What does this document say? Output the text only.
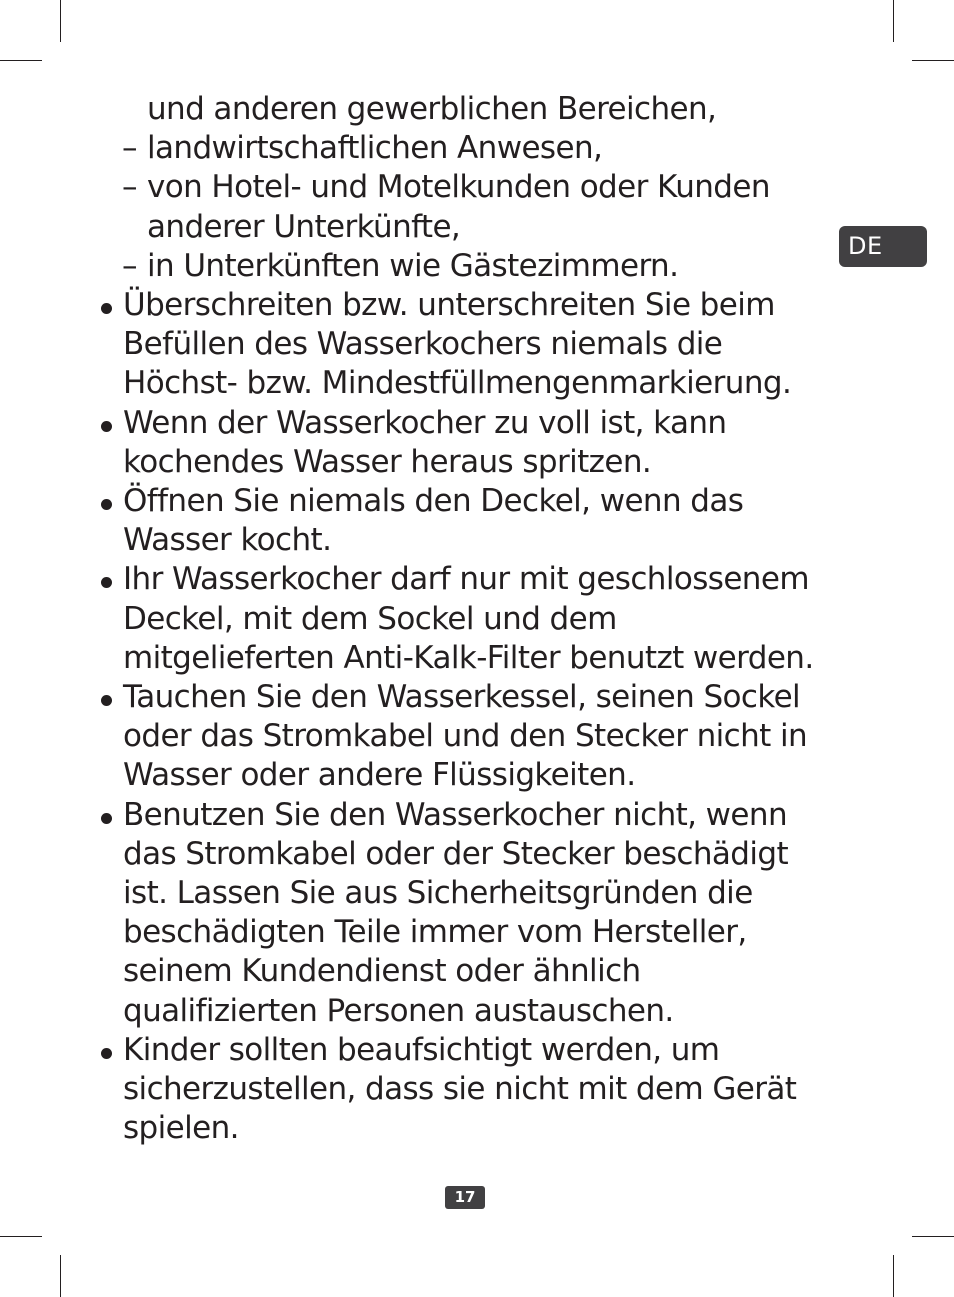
DE
und anderen gewerblichen Bereichen,
– landwirtschaftlichen Anwesen,
– von Hotel- und Motelkunden oder Kunden
anderer Unterkünfte,
– in Unterkünften wie Gästezimmern.
Überschreiten bzw. unterschreiten Sie beim
Befüllen des Wasserkochers niemals die
Höchst- bzw. Mindestfüllmengenmarkierung.
Wenn der Wasserkocher zu voll ist, kann
kochendes Wasser heraus spritzen.
Öffnen Sie niemals den Deckel, wenn das
Wasser kocht.
Ihr Wasserkocher darf nur mit geschlossenem
Deckel, mit dem Sockel und dem
mitgelieferten Anti-Kalk-Filter benutzt werden.
Tauchen Sie den Wasserkessel, seinen Sockel
oder das Stromkabel und den Stecker nicht in
Wasser oder andere Flüssigkeiten.
Benutzen Sie den Wasserkocher nicht, wenn
das Stromkabel oder der Stecker beschädigt
ist. Lassen Sie aus Sicherheitsgründen die
beschädigten Teile immer vom Hersteller,
seinem Kundendienst oder ähnlich
qualifizierten Personen austauschen.
Kinder sollten beaufsichtigt werden, um
sicherzustellen, dass sie nicht mit dem Gerät
spielen.
17
